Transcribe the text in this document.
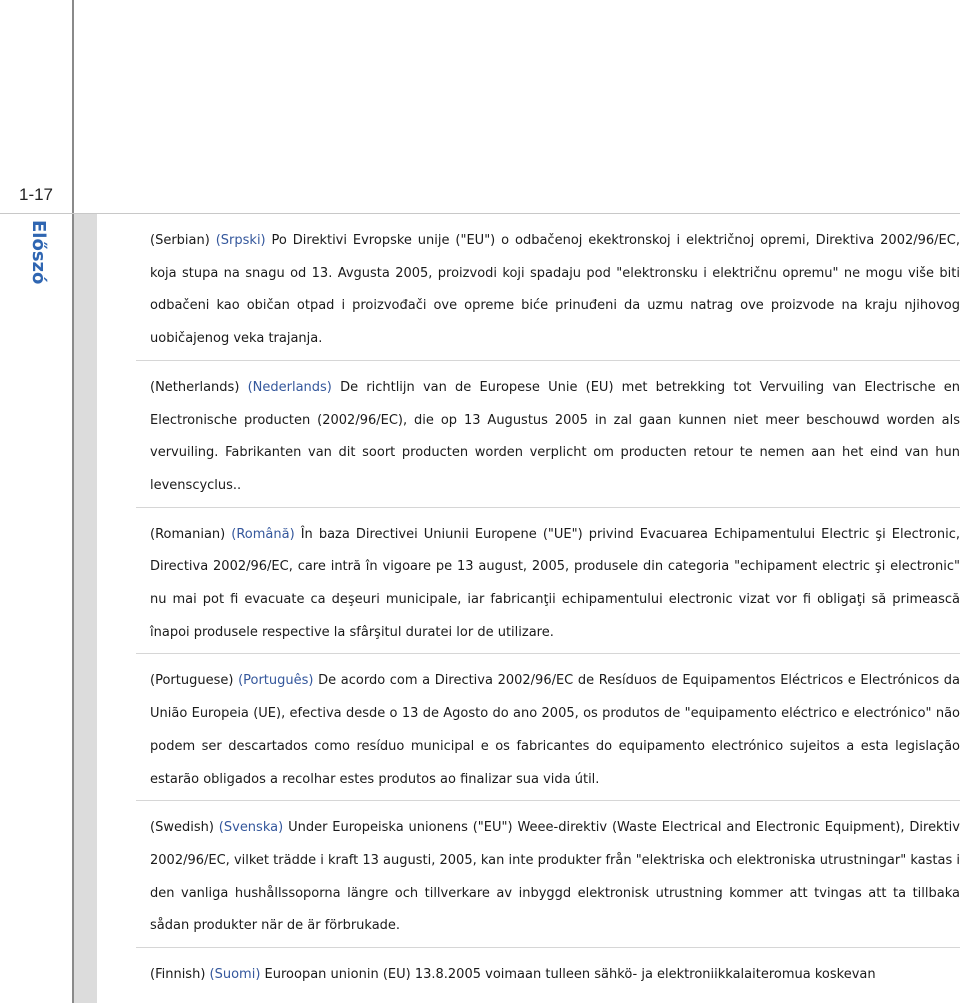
1-17
Előszó	(Serbian) (Srpski) Po Direktivi Evropske unije ("EU") o odbačenoj ekektronskoj i električnoj opremi, Direktiva 2002/96/EC, koja stupa na snagu od 13. Avgusta 2005, proizvodi koji spadaju pod "elektronsku i električnu opremu" ne mogu više biti odbačeni kao običan otpad i proizvođači ove opreme biće prinuđeni da uzmu natrag ove proizvode na kraju njihovog uobičajenog veka trajanja.
(Netherlands) (Nederlands) De richtlijn van de Europese Unie (EU) met betrekking tot Vervuiling van Electrische en Electronische producten (2002/96/EC), die op 13 Augustus 2005 in zal gaan kunnen niet meer beschouwd worden als vervuiling. Fabrikanten van dit soort producten worden verplicht om producten retour te nemen aan het eind van hun levenscyclus..
(Romanian) (Română) În baza Directivei Uniunii Europene ("UE") privind Evacuarea Echipamentului Electric şi Electronic, Directiva 2002/96/EC, care intră în vigoare pe 13 august, 2005, produsele din categoria "echipament electric şi electronic" nu mai pot fi evacuate ca deşeuri municipale, iar fabricanţii echipamentului electronic vizat vor fi obligaţi să primească înapoi produsele respective la sfârşitul duratei lor de utilizare.
(Portuguese) (Português) De acordo com a Directiva 2002/96/EC de Resíduos de Equipamentos Eléctricos e Electrónicos da União Europeia (UE), efectiva desde o 13 de Agosto do ano 2005, os produtos de "equipamento eléctrico e electrónico" não podem ser descartados como resíduo municipal e os fabricantes do equipamento electrónico sujeitos a esta legislação estarão obligados a recolhar estes produtos ao finalizar sua vida útil.
(Swedish) (Svenska) Under Europeiska unionens ("EU") Weee-direktiv (Waste Electrical and Electronic Equipment), Direktiv 2002/96/EC, vilket trädde i kraft 13 augusti, 2005, kan inte produkter från "elektriska och elektroniska utrustningar" kastas i den vanliga hushållssoporna längre och tillverkare av inbyggd elektronisk utrustning kommer att tvingas att ta tillbaka sådan produkter när de är förbrukade.
(Finnish) (Suomi) Euroopan unionin (EU) 13.8.2005 voimaan tulleen sähkö- ja elektroniikkalaiteromua koskevan
